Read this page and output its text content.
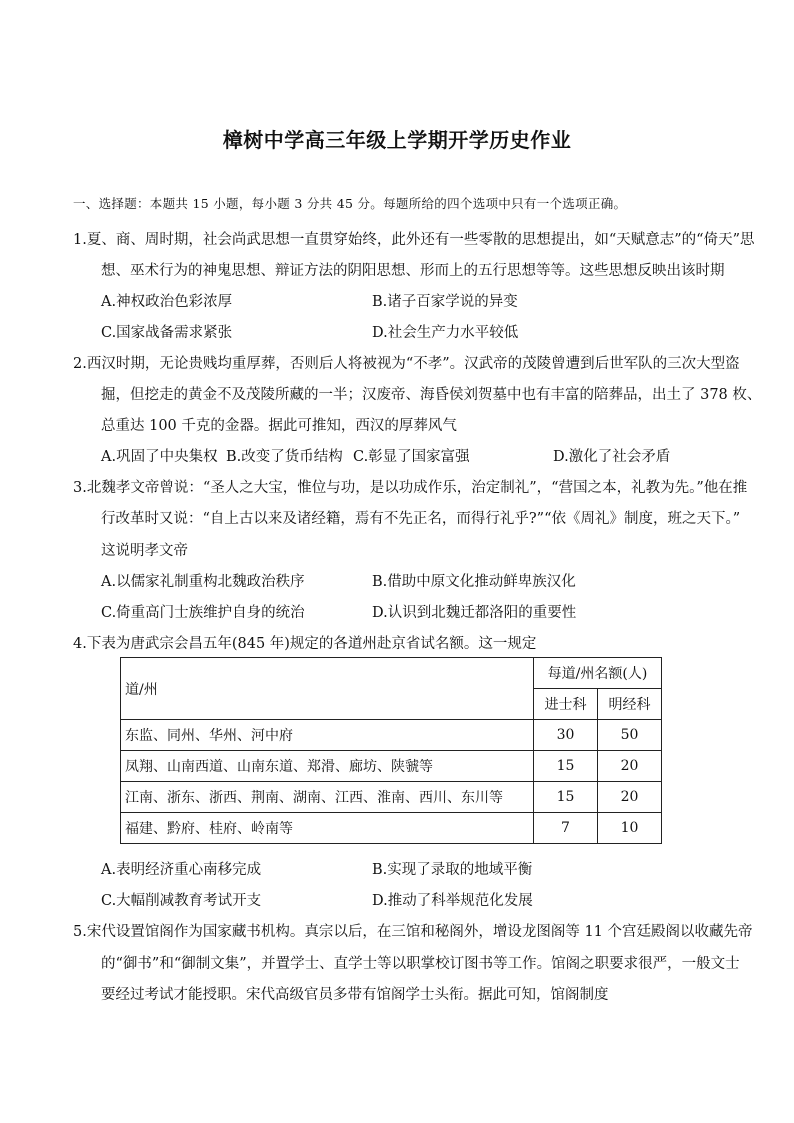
樟树中学高三年级上学期开学历史作业
一、选择题：本题共 15 小题，每小题 3 分共 45 分。每题所给的四个选项中只有一个选项正确。
1.夏、商、周时期，社会尚武思想一直贯穿始终，此外还有一些零散的思想提出，如“天赋意志”的“倚天”思
想、巫术行为的神鬼思想、辩证方法的阴阳思想、形而上的五行思想等等。这些思想反映出该时期
A.神权政治色彩浓厚	B.诸子百家学说的异变
C.国家战备需求紧张	D.社会生产力水平较低
2.西汉时期，无论贵贱均重厚葬，否则后人将被视为“不孝”。汉武帝的茂陵曾遭到后世军队的三次大型盗
掘，但挖走的黄金不及茂陵所藏的一半；汉废帝、海昏侯刘贺墓中也有丰富的陪葬品，出土了 378 枚、
总重达 100 千克的金器。据此可推知，西汉的厚葬风气
A.巩固了中央集权 B.改变了货币结构 C.彰显了国家富强	D.激化了社会矛盾
3.北魏孝文帝曾说：“圣人之大宝，惟位与功，是以功成作乐，治定制礼”，“营国之本，礼教为先。”他在推
行改革时又说：“自上古以来及诸经籍，焉有不先正名，而得行礼乎?”“依《周礼》制度，班之天下。”
这说明孝文帝
A.以儒家礼制重构北魏政治秩序	B.借助中原文化推动鲜卑族汉化
C.倚重高门士族维护自身的统治	D.认识到北魏迁都洛阳的重要性
4.下表为唐武宗会昌五年(845 年)规定的各道州赴京省试名额。这一规定
道/州	每道/州名额(人)	
	进士科	明经科
东监、同州、华州、河中府	30	50
凤翔、山南西道、山南东道、郑滑、廊坊、陕虢等	15	20
江南、浙东、浙西、荆南、湖南、江西、淮南、西川、东川等	15	20
福建、黔府、桂府、岭南等	7	10
A.表明经济重心南移完成	B.实现了录取的地域平衡
C.大幅削减教育考试开支	D.推动了科举规范化发展
5.宋代设置馆阁作为国家藏书机构。真宗以后，在三馆和秘阁外，增设龙图阁等 11 个宫廷殿阁以收藏先帝
的“御书”和“御制文集”，并置学士、直学士等以职掌校订图书等工作。馆阁之职要求很严，一般文士
要经过考试才能授职。宋代高级官员多带有馆阁学士头衔。据此可知，馆阁制度
